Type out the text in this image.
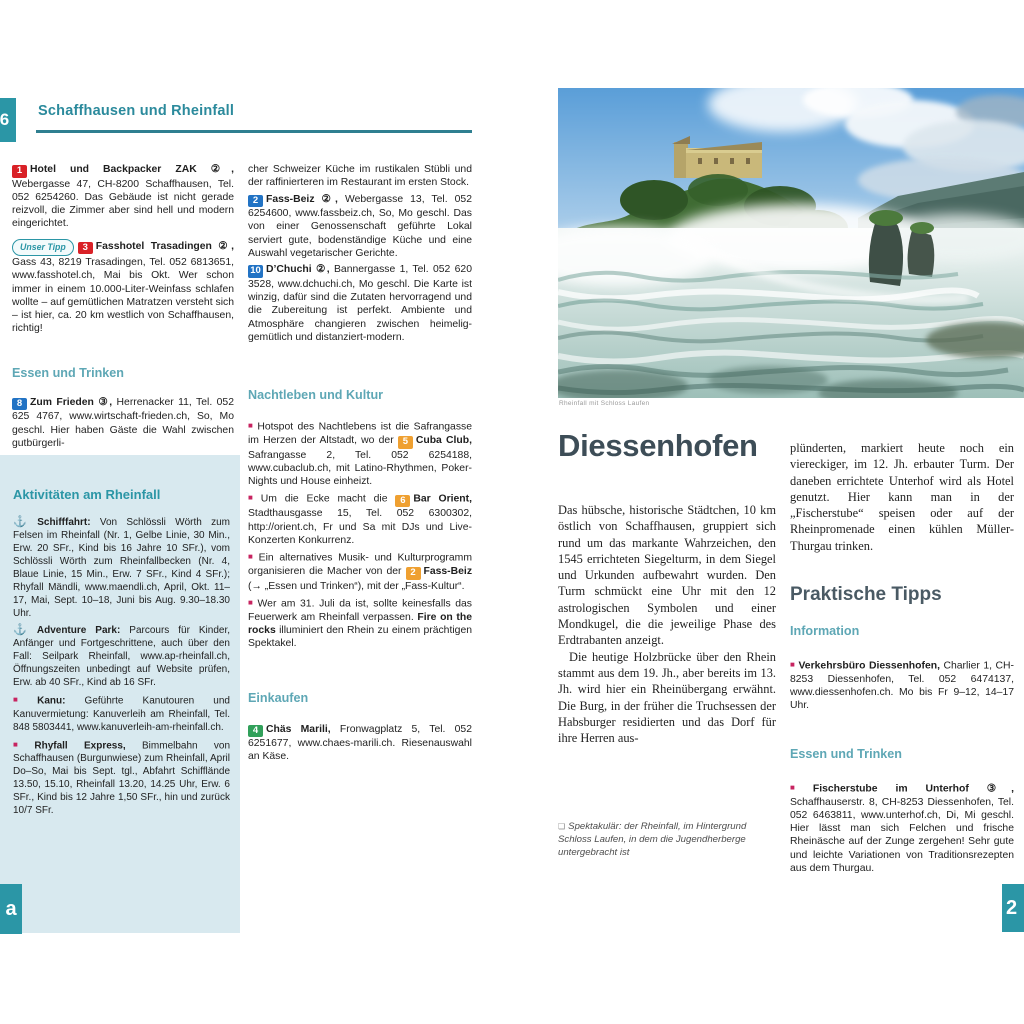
6	Schaffhausen und Rheinfall

1 Hotel und Backpacker ZAK ②, Webergasse 47, CH-8200 Schaffhausen, Tel. 052 6254260. Das Gebäude ist nicht gerade reizvoll, die Zimmer aber sind hell und modern eingerichtet.

Unser Tipp 3 Fasshotel Trasadingen ②, Gass 43, 8219 Trasadingen, Tel. 052 6813651, www.fasshotel.ch, Mai bis Okt. Wer schon immer in einem 10.000-Liter-Weinfass schlafen wollte – auf gemütlichen Matratzen versteht sich – ist hier, ca. 20 km westlich von Schaffhausen, richtig!

Essen und Trinken

8 Zum Frieden ③, Herrenacker 11, Tel. 052 625 4767, www.wirtschaft-frieden.ch, So, Mo geschl. Hier haben Gäste die Wahl zwischen gutbürgerli-

Aktivitäten am Rheinfall

⚓ Schifffahrt: Von Schlössli Wörth zum Felsen im Rheinfall (Nr. 1, Gelbe Linie, 30 Min., Erw. 20 SFr., Kind bis 16 Jahre 10 SFr.), vom Schlössli Wörth zum Rheinfallbecken (Nr. 4, Blaue Linie, 15 Min., Erw. 7 SFr., Kind 4 SFr.); Rhyfall Mändli, www.maendli.ch, April, Okt. 11–17, Mai, Sept. 10–18, Juni bis Aug. 9.30–18.30 Uhr.

⚓ Adventure Park: Parcours für Kinder, Anfänger und Fortgeschrittene, auch über den Fall: Seilpark Rheinfall, www.ap-rheinfall.ch, Öffnungszeiten unbedingt auf Website prüfen, Erw. ab 40 SFr., Kind ab 16 SFr.

■ Kanu: Geführte Kanutouren und Kanuvermietung: Kanuverleih am Rheinfall, Tel. 848 5803441, www.kanuverleih-am-rheinfall.ch.

■ Rhyfall Express, Bimmelbahn von Schaffhausen (Burgunwiese) zum Rheinfall, April Do–So, Mai bis Sept. tgl., Abfahrt Schifflände 13.50, 15.10, Rheinfall 13.20, 14.25 Uhr, Erw. 6 SFr., Kind bis 12 Jahre 1,50 SFr., hin und zurück 10/7 SFr.

a

cher Schweizer Küche im rustikalen Stübli und der raffinierteren im Restaurant im ersten Stock.

2 Fass-Beiz ②, Webergasse 13, Tel. 052 6254600, www.fassbeiz.ch, So, Mo geschl. Das von einer Genossenschaft geführte Lokal serviert gute, bodenständige Küche und eine Auswahl vegetarischer Gerichte.

10 D’Chuchi ②, Bannergasse 1, Tel. 052 620 3528, www.dchuchi.ch, Mo geschl. Die Karte ist winzig, dafür sind die Zutaten hervorragend und die Zubereitung ist perfekt. Ambiente und Atmosphäre changieren zwischen heimelig-gemütlich und distanziert-modern.

Nachtleben und Kultur

■ Hotspot des Nachtlebens ist die Safrangasse im Herzen der Altstadt, wo der 5 Cuba Club, Safrangasse 2, Tel. 052 6254188, www.cubaclub.ch, mit Latino-Rhythmen, Poker-Nights und House einheizt.

■ Um die Ecke macht die 6 Bar Orient, Stadthausgasse 15, Tel. 052 6300302, http://orient.ch, Fr und Sa mit DJs und Live-Konzerten Konkurrenz.

■ Ein alternatives Musik- und Kulturprogramm organisieren die Macher von der 2 Fass-Beiz (→ „Essen und Trinken“), mit der „Fass-Kultur“.

■ Wer am 31. Juli da ist, sollte keinesfalls das Feuerwerk am Rheinfall verpassen. Fire on the rocks illuminiert den Rhein zu einem prächtigen Spektakel.

Einkaufen

4 Chäs Marili, Fronwagplatz 5, Tel. 052 6251677, www.chaes-marili.ch. Riesenauswahl an Käse.

Rheinfall mit Schloss Laufen

Diessenhofen

Das hübsche, historische Städtchen, 10 km östlich von Schaffhausen, gruppiert sich rund um das markante Wahrzeichen, den 1545 errichteten Siegelturm, in dem Siegel und Urkunden aufbewahrt wurden. Den Turm schmückt eine Uhr mit den 12 astrologischen Symbolen und einer Mondkugel, die die jeweilige Phase des Erdtrabanten anzeigt.

Die heutige Holzbrücke über den Rhein stammt aus dem 19. Jh., aber bereits im 13. Jh. wird hier ein Rheinübergang erwähnt. Die Burg, in der früher die Truchsessen der Habsburger residierten und das Dorf für ihre Herren aus-

❏ Spektakulär: der Rheinfall, im Hintergrund Schloss Laufen, in dem die Jugendherberge untergebracht ist

plünderten, markiert heute noch ein viereckiger, im 12. Jh. erbauter Turm. Der daneben errichtete Unterhof wird als Hotel genutzt. Hier kann man in der „Fischerstube“ speisen oder auf der Rheinpromenade einen kühlen Müller-Thurgau trinken.

Praktische Tipps

Information

■ Verkehrsbüro Diessenhofen, Charlier 1, CH-8253 Diessenhofen, Tel. 052 6474137, www.diessenhofen.ch. Mo bis Fr 9–12, 14–17 Uhr.

Essen und Trinken

■ Fischerstube im Unterhof ③, Schaffhauserstr. 8, CH-8253 Diessenhofen, Tel. 052 6463811, www.unterhof.ch, Di, Mi geschl. Hier lässt man sich Felchen und frische Rheinäsche auf der Zunge zergehen! Sehr gute und leichte Variationen von Traditionsrezepten aus dem Thurgau.

2
